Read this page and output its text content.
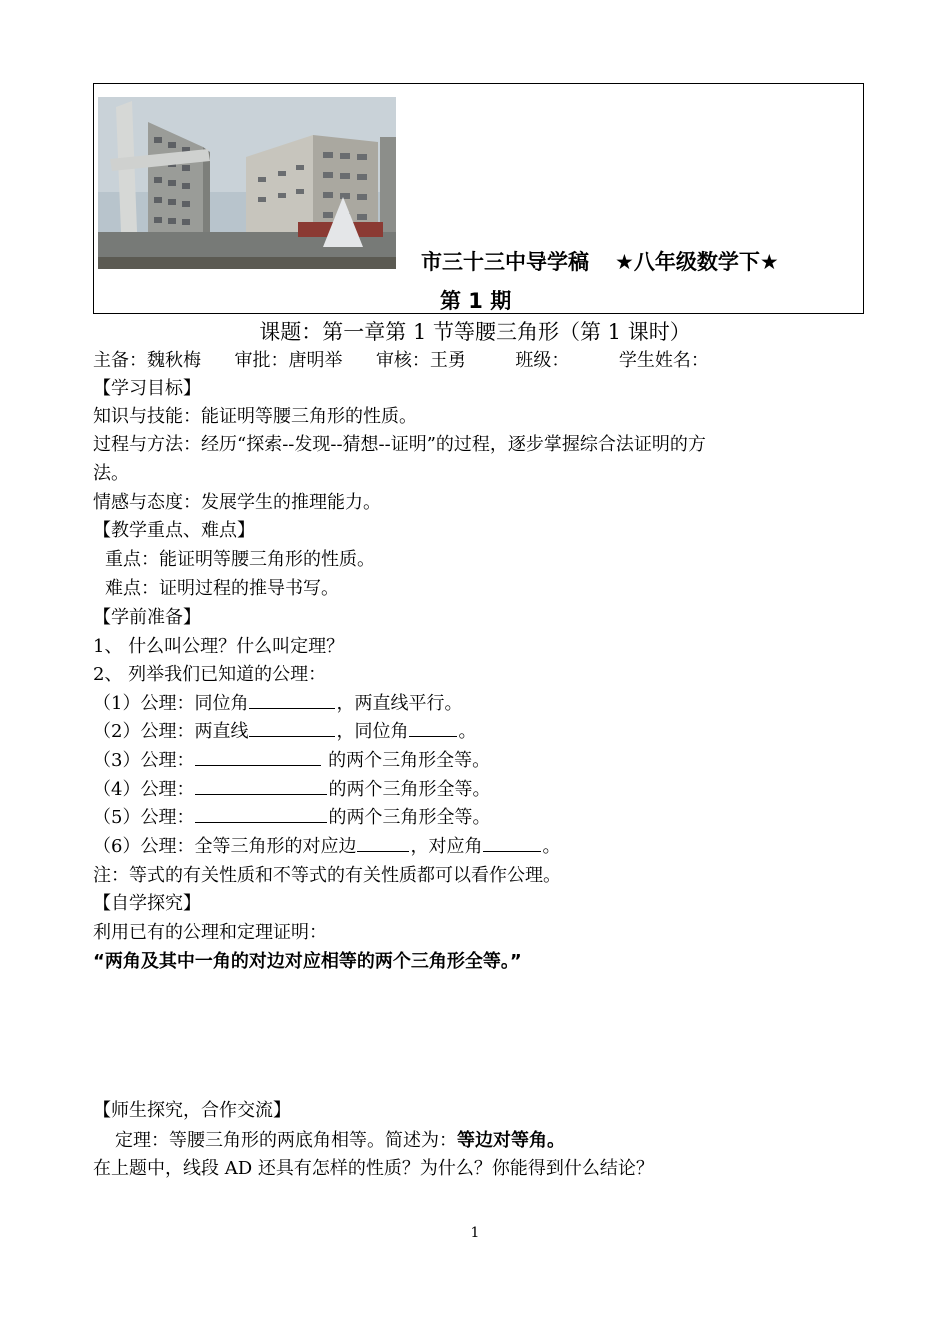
市三十三中导学稿 ★八年级数学下★
第 1 期
课题：第一章第 1 节等腰三角形（第 1 课时）
主备：魏秋梅 审批：唐明举 审核：王勇	班级：	学生姓名：
【学习目标】
知识与技能：能证明等腰三角形的性质。
过程与方法：经历“探索--发现--猜想--证明”的过程，逐步掌握综合法证明的方
法。
情感与态度：发展学生的推理能力。
【教学重点、难点】
重点：能证明等腰三角形的性质。
难点：证明过程的推导书写。
【学前准备】
1、 什么叫公理？什么叫定理？
2、 列举我们已知道的公理：
（1）公理：同位角	，两直线平行。
（2）公理：两直线	，同位角	。
（3）公理：	的两个三角形全等。
（4）公理：	的两个三角形全等。
（5）公理：	的两个三角形全等。
（6）公理：全等三角形的对应边	，对应角	。
注：等式的有关性质和不等式的有关性质都可以看作公理。
【自学探究】
利用已有的公理和定理证明：
“两角及其中一角的对边对应相等的两个三角形全等。”
【师生探究，合作交流】
定理：等腰三角形的两底角相等。简述为：等边对等角。
在上题中，线段 AD 还具有怎样的性质？为什么？你能得到什么结论？
1
